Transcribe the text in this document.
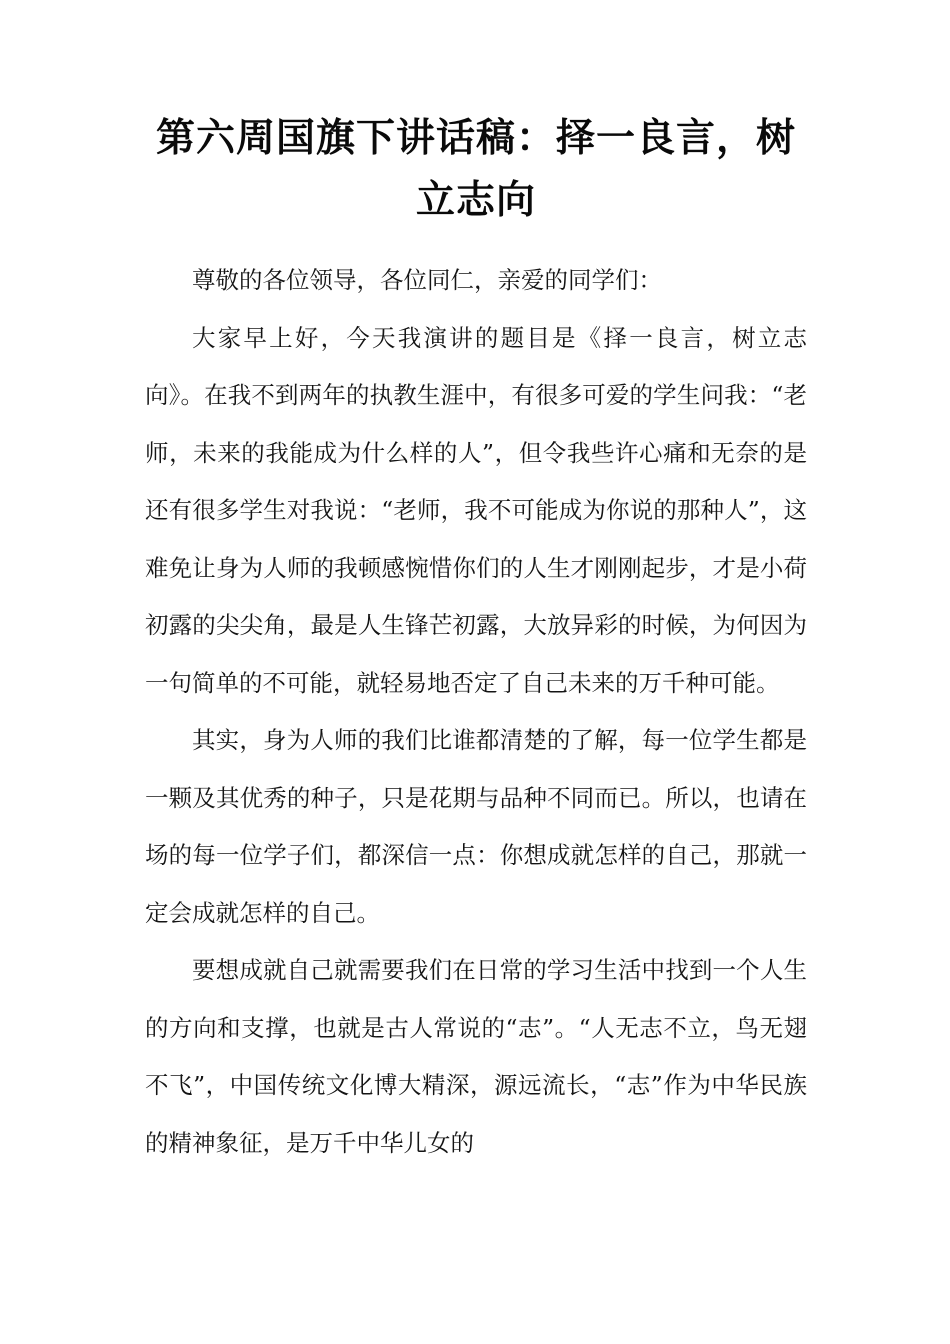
第六周国旗下讲话稿：择一良言，树立志向

尊敬的各位领导，各位同仁，亲爱的同学们：

大家早上好，今天我演讲的题目是《择一良言，树立志向》。在我不到两年的执教生涯中，有很多可爱的学生问我：“老师，未来的我能成为什么样的人”，但令我些许心痛和无奈的是还有很多学生对我说：“老师，我不可能成为你说的那种人”，这难免让身为人师的我顿感惋惜你们的人生才刚刚起步，才是小荷初露的尖尖角，最是人生锋芒初露，大放异彩的时候，为何因为一句简单的不可能，就轻易地否定了自己未来的万千种可能。

其实，身为人师的我们比谁都清楚的了解，每一位学生都是一颗及其优秀的种子，只是花期与品种不同而已。所以，也请在场的每一位学子们，都深信一点：你想成就怎样的自己，那就一定会成就怎样的自己。

要想成就自己就需要我们在日常的学习生活中找到一个人生的方向和支撑，也就是古人常说的“志”。“人无志不立，鸟无翅不飞”，中国传统文化博大精深，源远流长，“志”作为中华民族的精神象征，是万千中华儿女的
